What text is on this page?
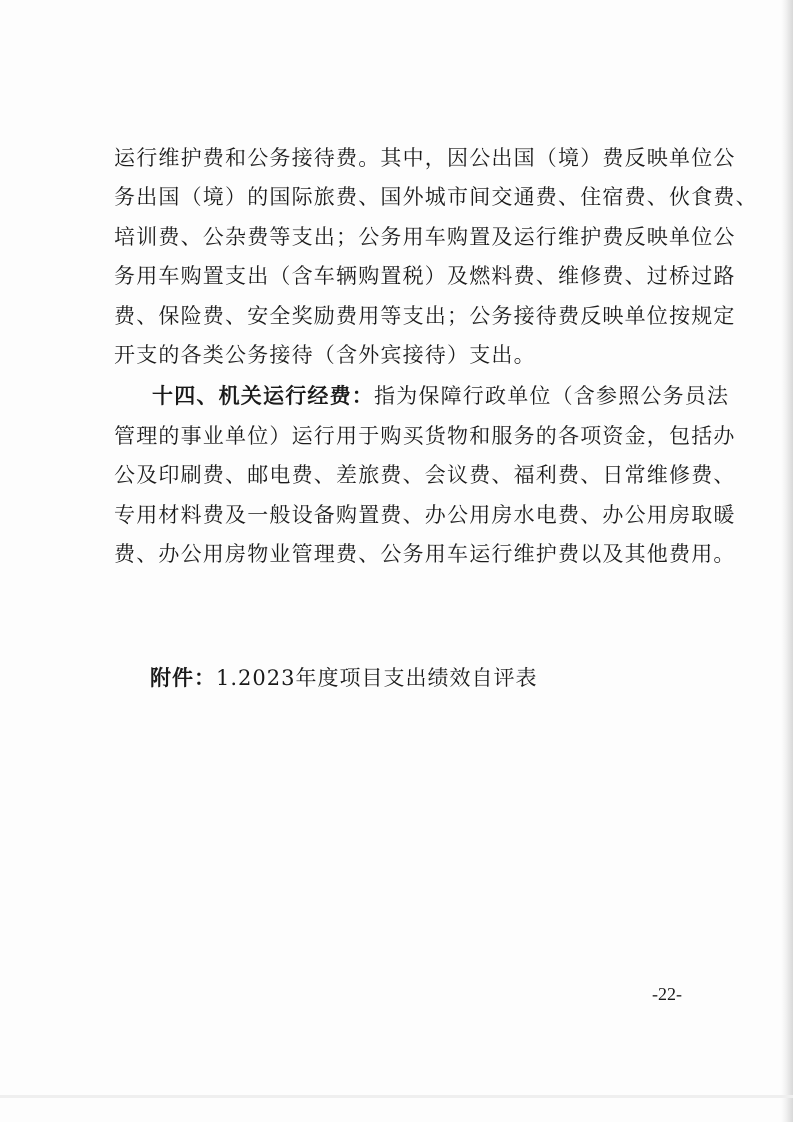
运行维护费和公务接待费。其中，因公出国（境）费反映单位公
务出国（境）的国际旅费、国外城市间交通费、住宿费、伙食费、
培训费、公杂费等支出；公务用车购置及运行维护费反映单位公
务用车购置支出（含车辆购置税）及燃料费、维修费、过桥过路
费、保险费、安全奖励费用等支出；公务接待费反映单位按规定
开支的各类公务接待（含外宾接待）支出。
十四、机关运行经费：指为保障行政单位（含参照公务员法
管理的事业单位）运行用于购买货物和服务的各项资金，包括办
公及印刷费、邮电费、差旅费、会议费、福利费、日常维修费、
专用材料费及一般设备购置费、办公用房水电费、办公用房取暖
费、办公用房物业管理费、公务用车运行维护费以及其他费用。
附件：1.2023年度项目支出绩效自评表
-22-
